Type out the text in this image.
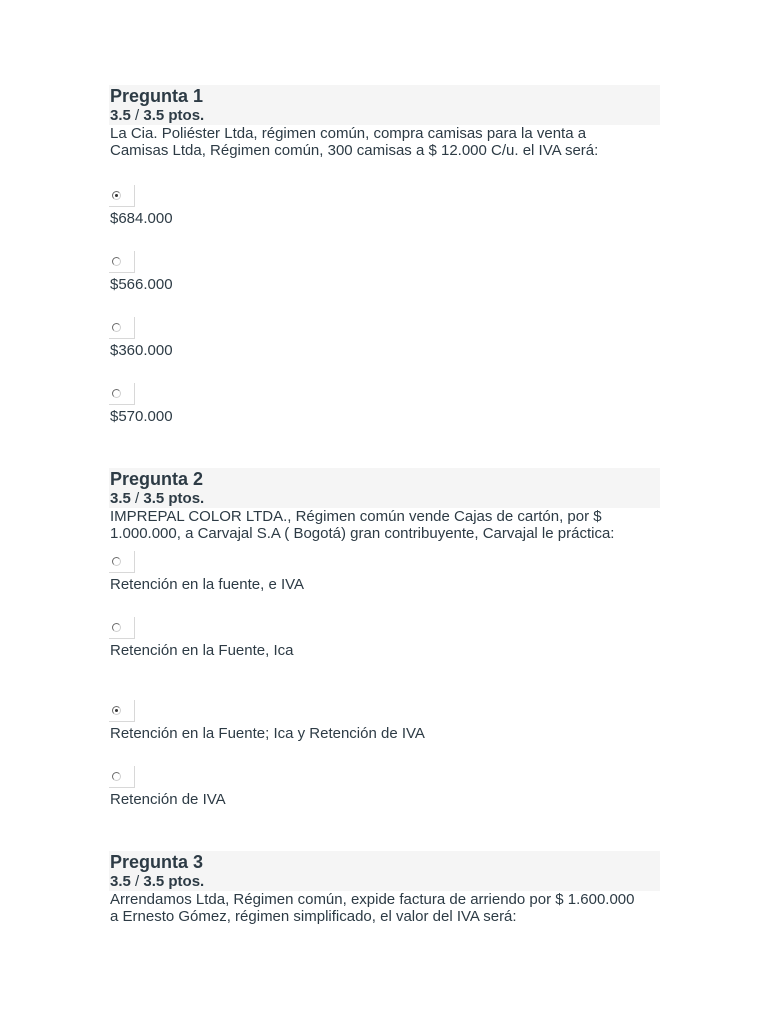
Pregunta 1
3.5 / 3.5 ptos.
La Cia. Poliéster Ltda, régimen común, compra camisas para la venta a
Camisas Ltda, Régimen común, 300 camisas a $ 12.000 C/u. el IVA será:
$684.000
$566.000
$360.000
$570.000
Pregunta 2
3.5 / 3.5 ptos.
IMPREPAL COLOR LTDA., Régimen común vende Cajas de cartón, por $
1.000.000, a Carvajal S.A ( Bogotá) gran contribuyente, Carvajal le práctica:
Retención en la fuente, e IVA
Retención en la Fuente, Ica
Retención en la Fuente; Ica y Retención de IVA
Retención de IVA
Pregunta 3
3.5 / 3.5 ptos.
Arrendamos Ltda, Régimen común, expide factura de arriendo por $ 1.600.000
a Ernesto Gómez, régimen simplificado, el valor del IVA será:
